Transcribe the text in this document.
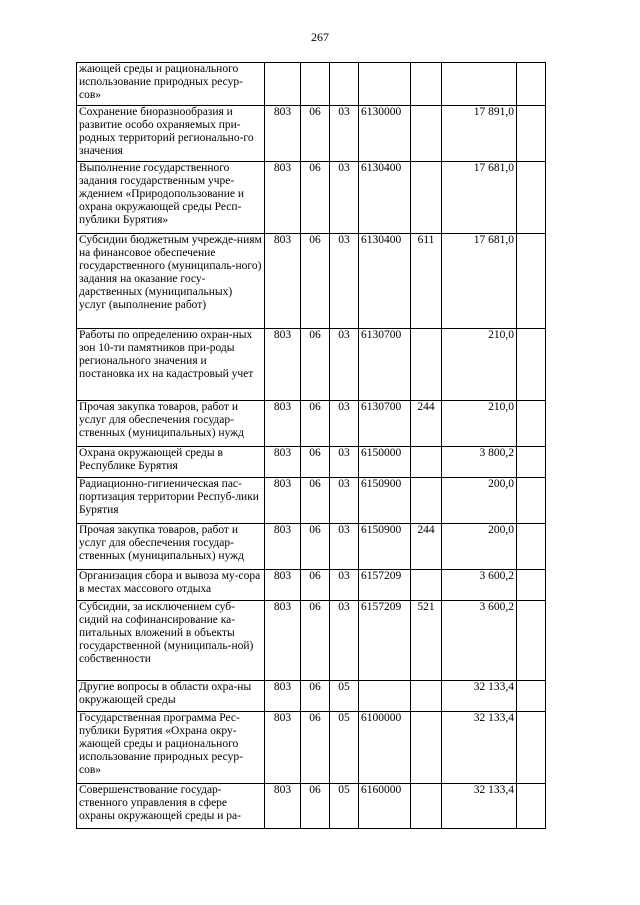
267
жающей среды и рационального использование природных ресур-сов»							
Сохранение биоразнообразия и развитие особо охраняемых при-родных территорий регионально-го значения	803	06	03	6130000		17 891,0	
Выполнение государственного задания государственным учре-ждением «Природопользование и охрана окружающей среды Респ-публики Бурятия»	803	06	03	6130400		17 681,0	
Субсидии бюджетным учрежде-ниям на финансовое обеспечение государственного (муниципаль-ного) задания на оказание госу-дарственных (муниципальных) услуг (выполнение работ)	803	06	03	6130400	611	17 681,0	
Работы по определению охран-ных зон 10-ти памятников при-роды регионального значения и постановка их на кадастровый учет	803	06	03	6130700		210,0	
Прочая закупка товаров, работ и услуг для обеспечения государ-ственных (муниципальных) нужд	803	06	03	6130700	244	210,0	
Охрана окружающей среды в Республике Бурятия	803	06	03	6150000		3 800,2	
Радиационно-гигиеническая пас-портизация территории Респуб-лики Бурятия	803	06	03	6150900		200,0	
Прочая закупка товаров, работ и услуг для обеспечения государ-ственных (муниципальных) нужд	803	06	03	6150900	244	200,0	
Организация сбора и вывоза му-сора в местах массового отдыха	803	06	03	6157209		3 600,2	
Субсидии, за исключением суб-сидий на софинансирование ка-питальных вложений в объекты государственной (муниципаль-ной) собственности	803	06	03	6157209	521	3 600,2	
Другие вопросы в области охра-ны окружающей среды	803	06	05			32 133,4	
Государственная программа Рес-публики Бурятия «Охрана окру-жающей среды и рационального использование природных ресур-сов»	803	06	05	6100000		32 133,4	
Совершенствование государ-ственного управления в сфере охраны окружающей среды и ра-	803	06	05	6160000		32 133,4	
